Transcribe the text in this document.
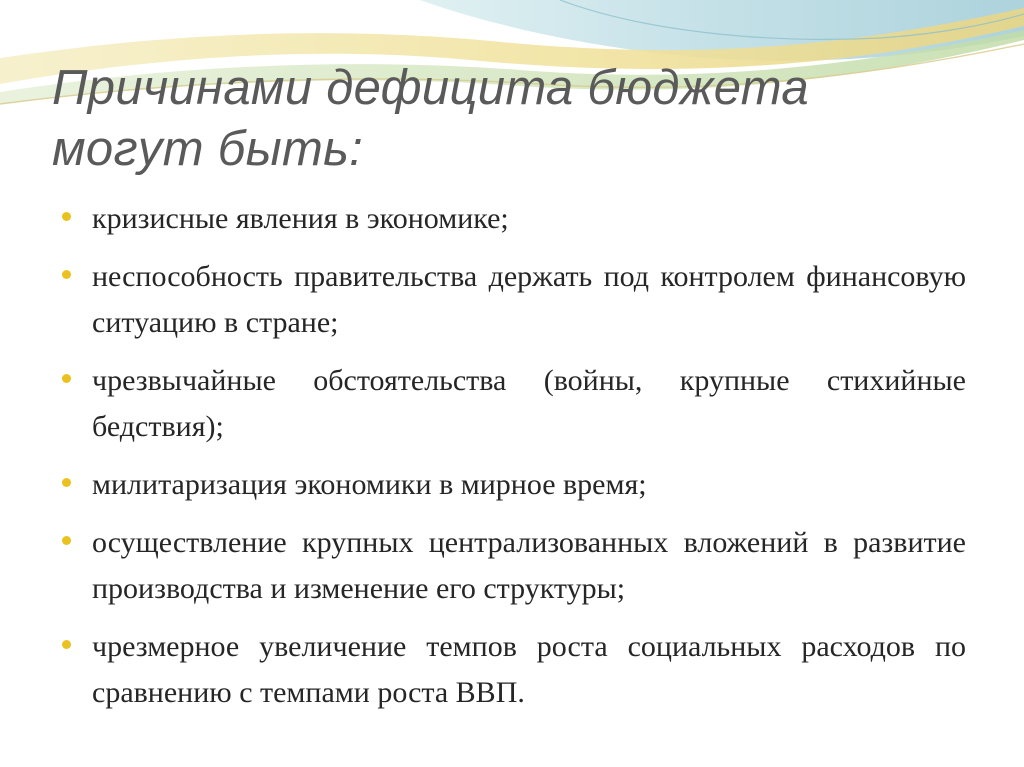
Причинами дефицита бюджета
могут быть:
кризисные явления в экономике;
неспособность правительства держать под контролем финансовую ситуацию в стране;
чрезвычайные обстоятельства (войны, крупные стихийные бедствия);
милитаризация экономики в мирное время;
осуществление крупных централизованных вложений в развитие производства и изменение его структуры;
чрезмерное увеличение темпов роста социальных расходов по сравнению с темпами роста ВВП.
